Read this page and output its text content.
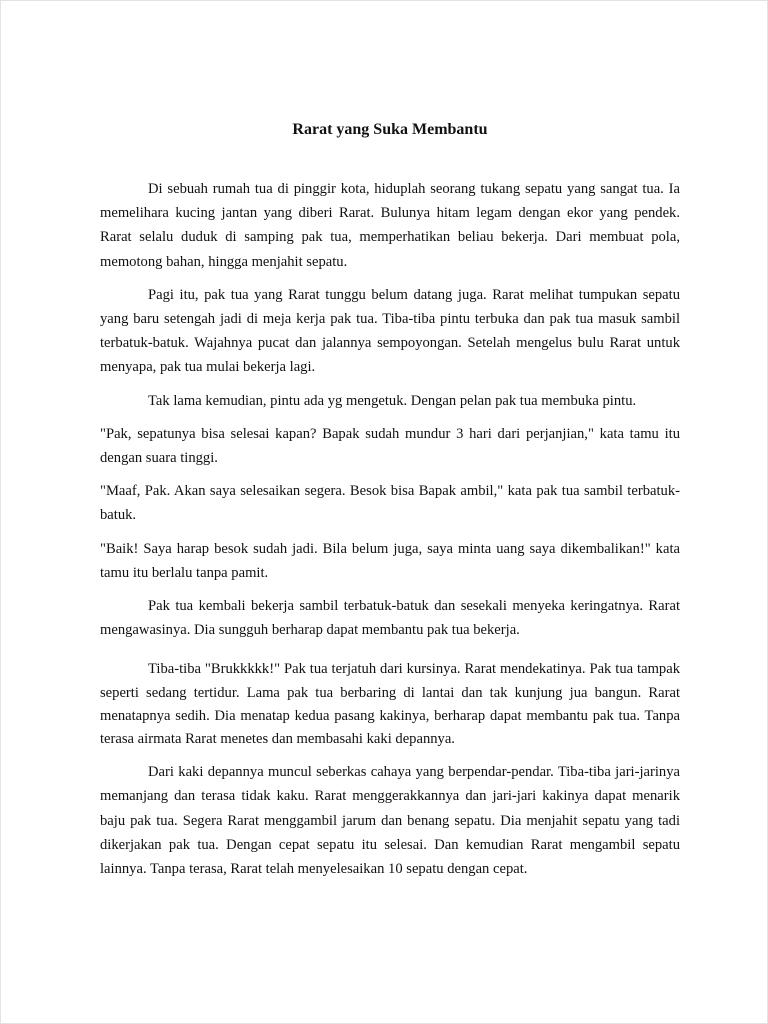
Rarat yang Suka Membantu

Di sebuah rumah tua di pinggir kota, hiduplah seorang tukang sepatu yang sangat tua. Ia memelihara kucing jantan yang diberi Rarat. Bulunya hitam legam dengan ekor yang pendek. Rarat selalu duduk di samping pak tua, memperhatikan beliau bekerja. Dari membuat pola, memotong bahan, hingga menjahit sepatu.

Pagi itu, pak tua yang Rarat tunggu belum datang juga. Rarat melihat tumpukan sepatu yang baru setengah jadi di meja kerja pak tua. Tiba-tiba pintu terbuka dan pak tua masuk sambil terbatuk-batuk. Wajahnya pucat dan jalannya sempoyongan. Setelah mengelus bulu Rarat untuk menyapa, pak tua mulai bekerja lagi.

Tak lama kemudian, pintu ada yg mengetuk. Dengan pelan pak tua membuka pintu.

"Pak, sepatunya bisa selesai kapan? Bapak sudah mundur 3 hari dari perjanjian," kata tamu itu dengan suara tinggi.

"Maaf, Pak. Akan saya selesaikan segera. Besok bisa Bapak ambil," kata pak tua sambil terbatuk-batuk.

"Baik! Saya harap besok sudah jadi. Bila belum juga, saya minta uang saya dikembalikan!" kata tamu itu berlalu tanpa pamit.

Pak tua kembali bekerja sambil terbatuk-batuk dan sesekali menyeka keringatnya. Rarat mengawasinya. Dia sungguh berharap dapat membantu pak tua bekerja.

Tiba-tiba "Brukkkkk!" Pak tua terjatuh dari kursinya. Rarat mendekatinya. Pak tua tampak seperti sedang tertidur. Lama pak tua berbaring di lantai dan tak kunjung jua bangun. Rarat menatapnya sedih. Dia menatap kedua pasang kakinya, berharap dapat membantu pak tua. Tanpa terasa airmata Rarat menetes dan membasahi kaki depannya.

Dari kaki depannya muncul seberkas cahaya yang berpendar-pendar. Tiba-tiba jari-jarinya memanjang dan terasa tidak kaku. Rarat menggerakkannya dan jari-jari kakinya dapat menarik baju pak tua. Segera Rarat menggambil jarum dan benang sepatu. Dia menjahit sepatu yang tadi dikerjakan pak tua. Dengan cepat sepatu itu selesai. Dan kemudian Rarat mengambil sepatu lainnya. Tanpa terasa, Rarat telah menyelesaikan 10 sepatu dengan cepat.
